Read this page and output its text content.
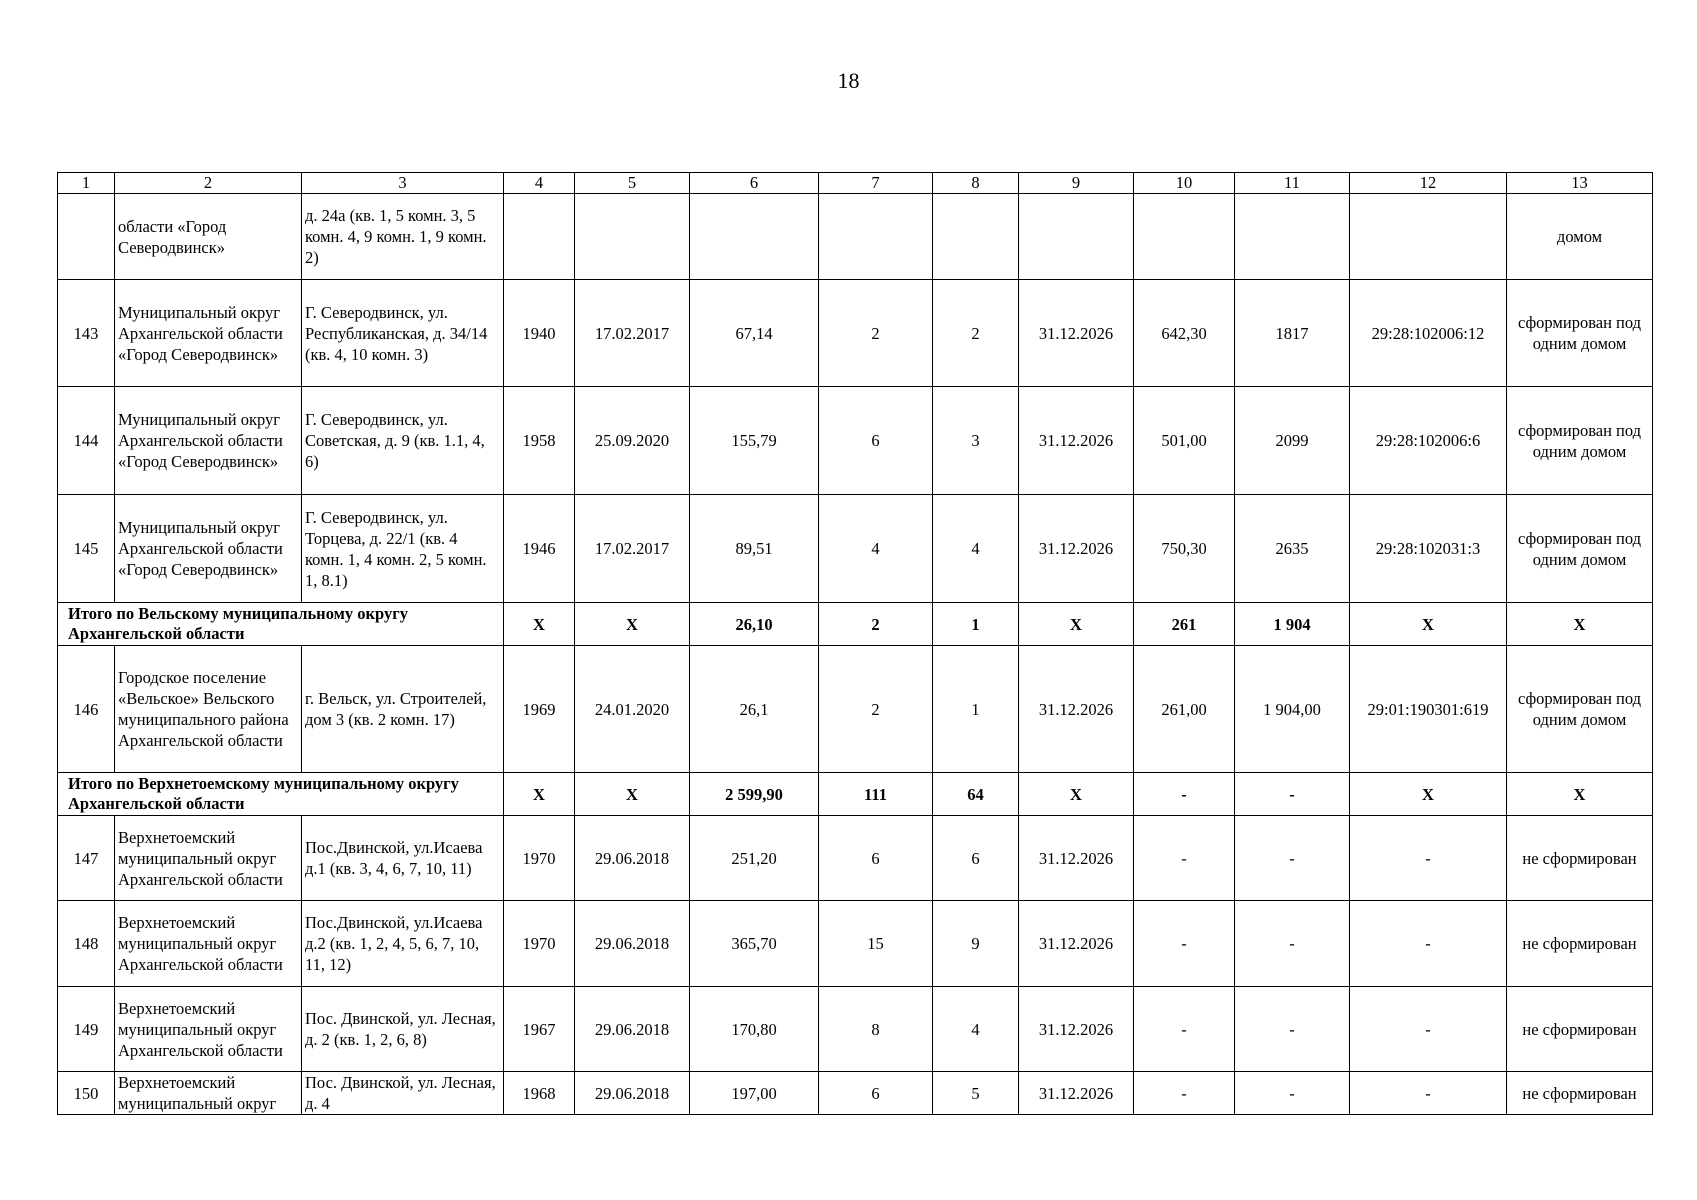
18
1	2	3	4	5	6	7	8	9	10	11	12	13
	области «Город Северодвинск»	д. 24а (кв. 1, 5 комн. 3, 5 комн. 4, 9 комн. 1, 9 комн. 2)										домом
143	Муниципальный округ Архангельской области «Город Северодвинск»	Г. Северодвинск, ул. Республиканская, д. 34/14 (кв. 4, 10 комн. 3)	1940	17.02.2017	67,14	2	2	31.12.2026	642,30	1817	29:28:102006:12	сформирован под одним домом
144	Муниципальный округ Архангельской области «Город Северодвинск»	Г. Северодвинск, ул. Советская, д. 9 (кв. 1.1, 4, 6)	1958	25.09.2020	155,79	6	3	31.12.2026	501,00	2099	29:28:102006:6	сформирован под одним домом
145	Муниципальный округ Архангельской области «Город Северодвинск»	Г. Северодвинск, ул. Торцева, д. 22/1 (кв. 4 комн. 1, 4 комн. 2, 5 комн. 1, 8.1)	1946	17.02.2017	89,51	4	4	31.12.2026	750,30	2635	29:28:102031:3	сформирован под одним домом
Итого по Вельскому муниципальному округу Архангельской области			Х	Х	26,10	2	1	Х	261	1 904	Х	Х
146	Городское поселение «Вельское» Вельского муниципального района Архангельской области	г. Вельск, ул. Строителей, дом 3 (кв. 2 комн. 17)	1969	24.01.2020	26,1	2	1	31.12.2026	261,00	1 904,00	29:01:190301:619	сформирован под одним домом
Итого по Верхнетоемскому муниципальному округу Архангельской области			Х	Х	2 599,90	111	64	Х	-	-	Х	Х
147	Верхнетоемский муниципальный округ Архангельской области	Пос.Двинской, ул.Исаева д.1 (кв. 3, 4, 6, 7, 10, 11)	1970	29.06.2018	251,20	6	6	31.12.2026	-	-	-	не сформирован
148	Верхнетоемский муниципальный округ Архангельской области	Пос.Двинской, ул.Исаева д.2 (кв. 1, 2, 4, 5, 6, 7, 10, 11, 12)	1970	29.06.2018	365,70	15	9	31.12.2026	-	-	-	не сформирован
149	Верхнетоемский муниципальный округ Архангельской области	Пос. Двинской, ул. Лесная, д. 2 (кв. 1, 2, 6, 8)	1967	29.06.2018	170,80	8	4	31.12.2026	-	-	-	не сформирован
150	Верхнетоемский муниципальный округ	Пос. Двинской, ул. Лесная, д. 4	1968	29.06.2018	197,00	6	5	31.12.2026	-	-	-	не сформирован
